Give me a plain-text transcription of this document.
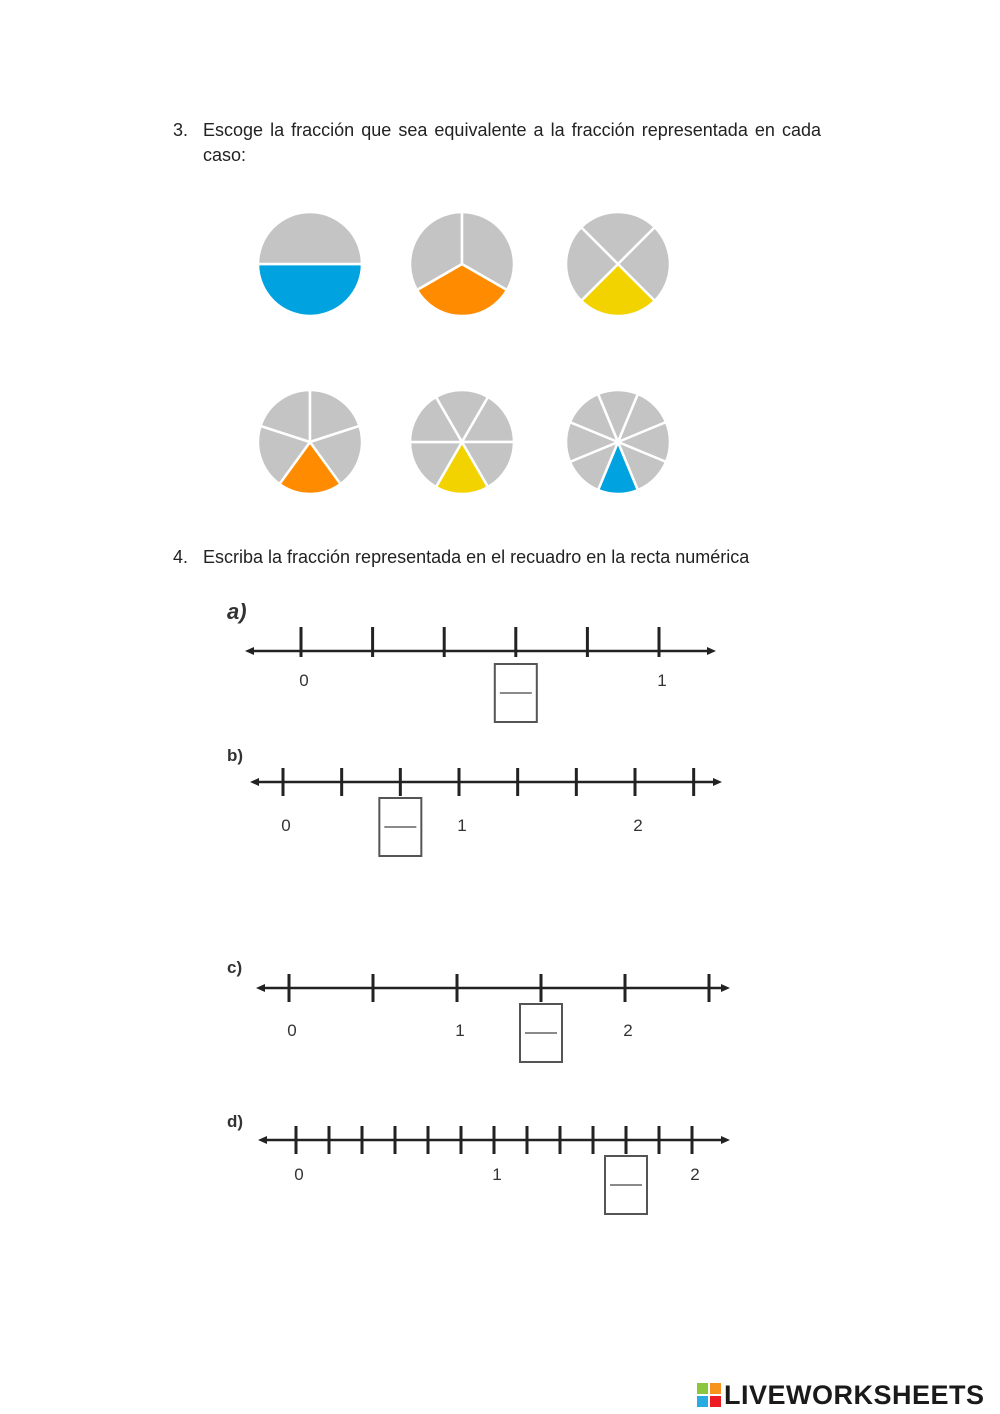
3. Escoge la fracción que sea equivalente a la fracción representada en cada caso:
0	1
0	1	2
0	1	2
0	1	2
4. Escriba la fracción representada en el recuadro en la recta numérica
a)
b)
c)
d)
LIVEWORKSHEETS
